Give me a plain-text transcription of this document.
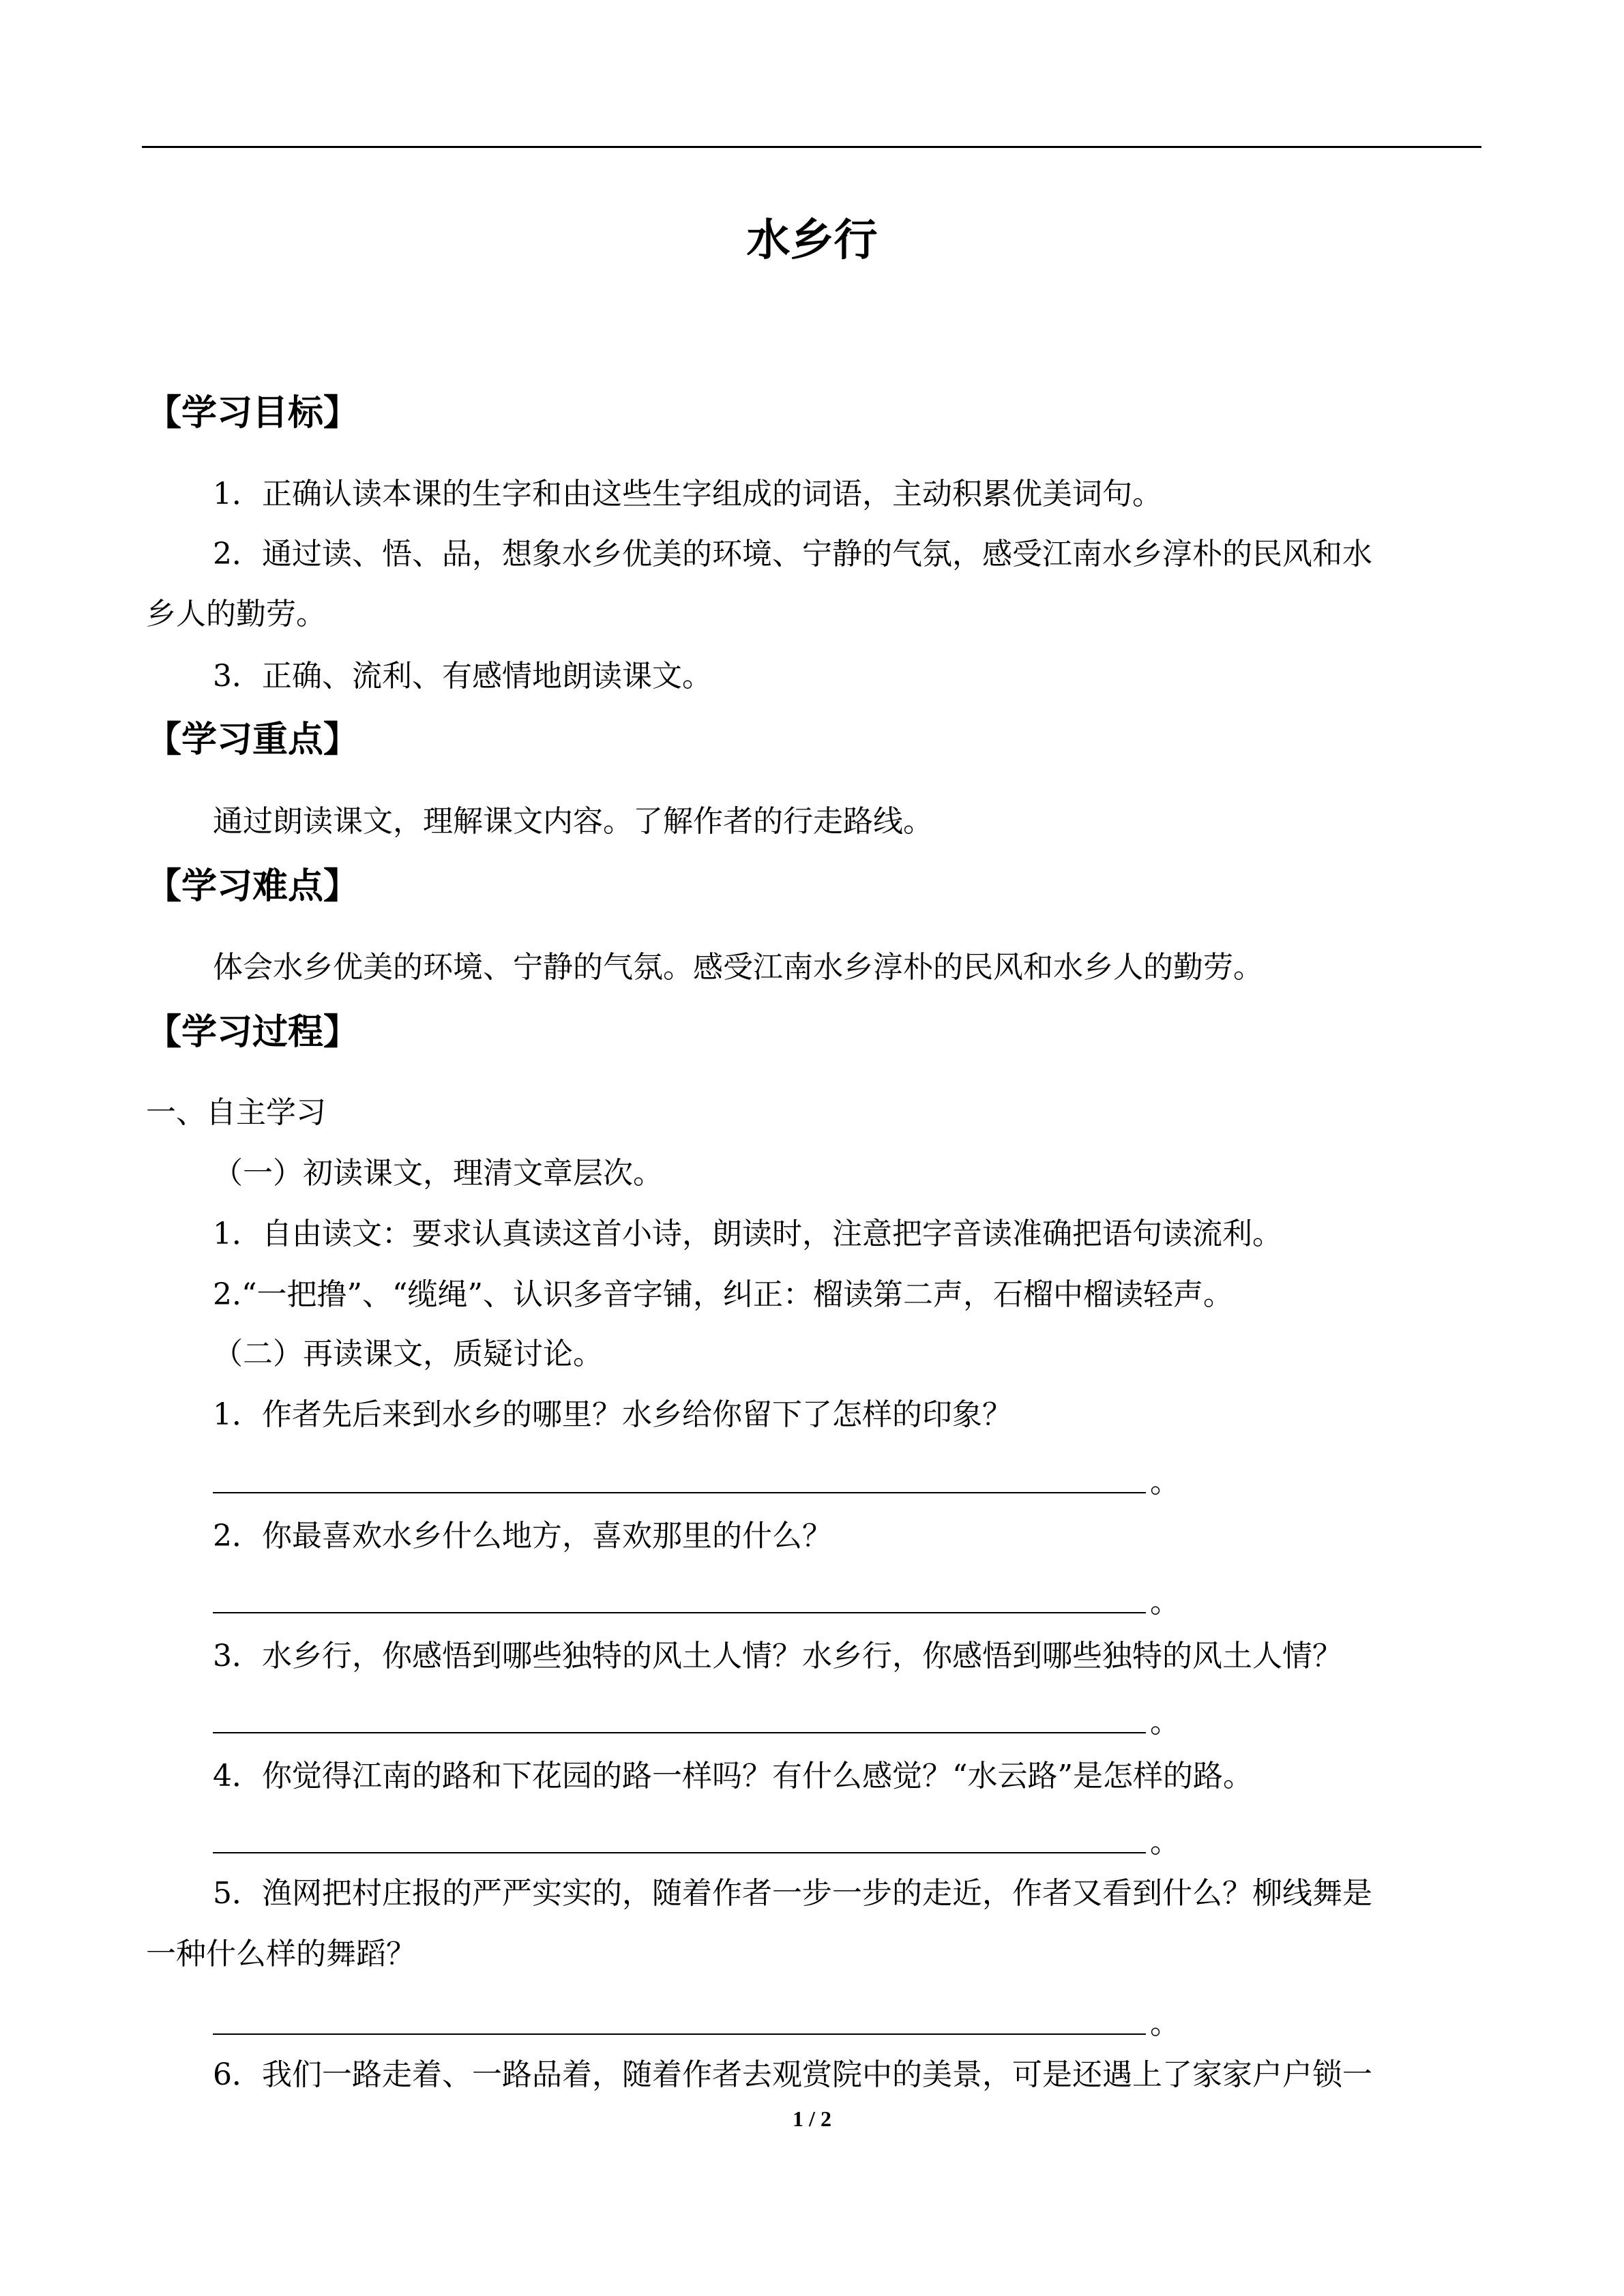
水乡行
【学习目标】
1．正确认读本课的生字和由这些生字组成的词语，主动积累优美词句。
2．通过读、悟、品，想象水乡优美的环境、宁静的气氛，感受江南水乡淳朴的民风和水
乡人的勤劳。
3．正确、流利、有感情地朗读课文。
【学习重点】
通过朗读课文，理解课文内容。了解作者的行走路线。
【学习难点】
体会水乡优美的环境、宁静的气氛。感受江南水乡淳朴的民风和水乡人的勤劳。
【学习过程】
一、自主学习
（一）初读课文，理清文章层次。
1．自由读文：要求认真读这首小诗，朗读时，注意把字音读准确把语句读流利。
2.“一把撸”、“缆绳”、认识多音字铺，纠正：榴读第二声，石榴中榴读轻声。
（二）再读课文，质疑讨论。
1．作者先后来到水乡的哪里？水乡给你留下了怎样的印象？
。
2．你最喜欢水乡什么地方，喜欢那里的什么？
。
3．水乡行，你感悟到哪些独特的风土人情？水乡行，你感悟到哪些独特的风土人情？
。
4．你觉得江南的路和下花园的路一样吗？有什么感觉？“水云路”是怎样的路。
。
5．渔网把村庄报的严严实实的，随着作者一步一步的走近，作者又看到什么？柳线舞是
一种什么样的舞蹈？
。
6．我们一路走着、一路品着，随着作者去观赏院中的美景，可是还遇上了家家户户锁一
1 / 2
